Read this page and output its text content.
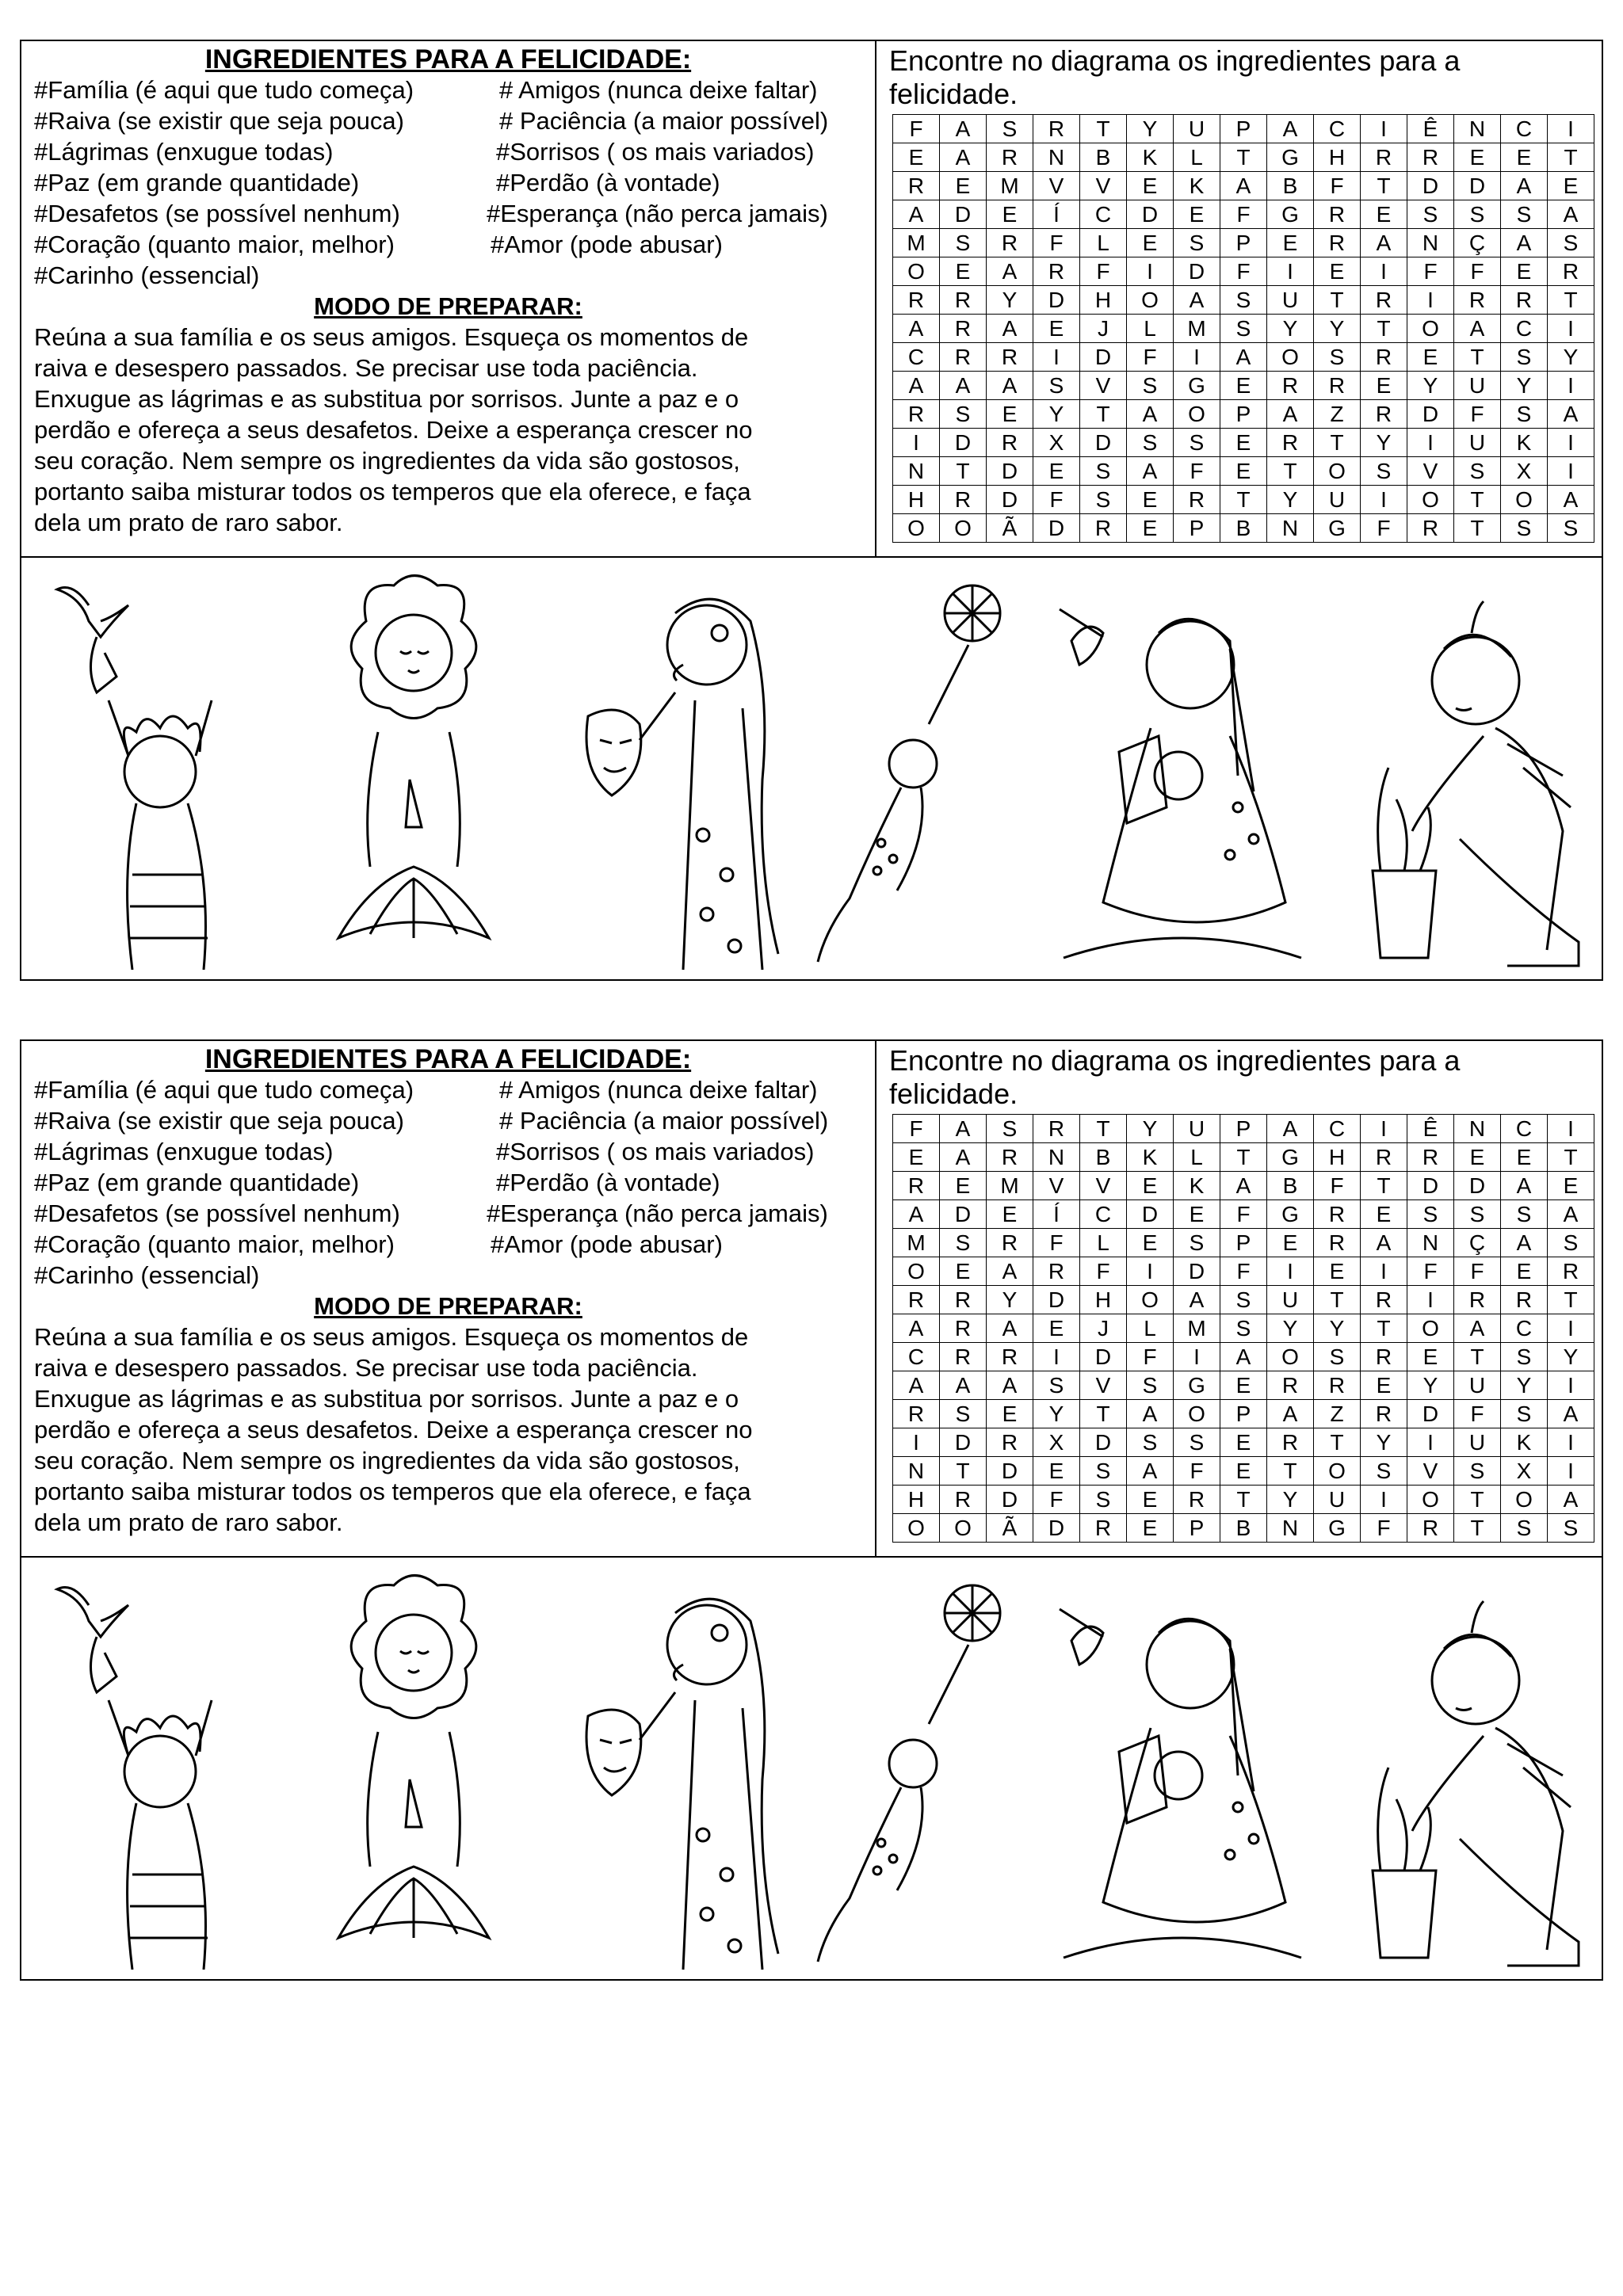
INGREDIENTES PARA A FELICIDADE:
#Família (é aqui que tudo começa)
#Raiva (se existir que seja pouca)
#Lágrimas (enxugue todas)
#Paz (em grande quantidade)
#Desafetos (se possível nenhum)
#Coração (quanto maior, melhor)
#Carinho (essencial)
# Amigos (nunca deixe faltar)
# Paciência (a maior possível)
#Sorrisos ( os mais variados)
#Perdão (à vontade)
#Esperança (não perca jamais)
#Amor (pode abusar)
MODO DE PREPARAR:
Reúna a sua família e os seus amigos. Esqueça os momentos de
raiva e desespero passados. Se precisar use toda paciência.
Enxugue as lágrimas e as substitua por sorrisos. Junte a paz e o
perdão e ofereça a seus desafetos. Deixe a esperança crescer no
seu coração. Nem sempre os ingredientes da vida são gostosos,
portanto saiba misturar todos os temperos que ela oferece, e faça
dela um prato de raro sabor.
Encontre no diagrama os ingredientes para a
felicidade.
F	A	S	R	T	Y	U	P	A	C	I	Ê	N	C	I
E	A	R	N	B	K	L	T	G	H	R	R	E	E	T
R	E	M	V	V	E	K	A	B	F	T	D	D	A	E
A	D	E	Í	C	D	E	F	G	R	E	S	S	S	A
M	S	R	F	L	E	S	P	E	R	A	N	Ç	A	S
O	E	A	R	F	I	D	F	I	E	I	F	F	E	R
R	R	Y	D	H	O	A	S	U	T	R	I	R	R	T
A	R	A	E	J	L	M	S	Y	Y	T	O	A	C	I
C	R	R	I	D	F	I	A	O	S	R	E	T	S	Y
A	A	A	S	V	S	G	E	R	R	E	Y	U	Y	I
R	S	E	Y	T	A	O	P	A	Z	R	D	F	S	A
I	D	R	X	D	S	S	E	R	T	Y	I	U	K	I
N	T	D	E	S	A	F	E	T	O	S	V	S	X	I
H	R	D	F	S	E	R	T	Y	U	I	O	T	O	A
O	O	Ã	D	R	E	P	B	N	G	F	R	T	S	S
INGREDIENTES PARA A FELICIDADE:
#Família (é aqui que tudo começa)
#Raiva (se existir que seja pouca)
#Lágrimas (enxugue todas)
#Paz (em grande quantidade)
#Desafetos (se possível nenhum)
#Coração (quanto maior, melhor)
#Carinho (essencial)
# Amigos (nunca deixe faltar)
# Paciência (a maior possível)
#Sorrisos ( os mais variados)
#Perdão (à vontade)
#Esperança (não perca jamais)
#Amor (pode abusar)
MODO DE PREPARAR:
Reúna a sua família e os seus amigos. Esqueça os momentos de
raiva e desespero passados. Se precisar use toda paciência.
Enxugue as lágrimas e as substitua por sorrisos. Junte a paz e o
perdão e ofereça a seus desafetos. Deixe a esperança crescer no
seu coração. Nem sempre os ingredientes da vida são gostosos,
portanto saiba misturar todos os temperos que ela oferece, e faça
dela um prato de raro sabor.
Encontre no diagrama os ingredientes para a
felicidade.
F	A	S	R	T	Y	U	P	A	C	I	Ê	N	C	I
E	A	R	N	B	K	L	T	G	H	R	R	E	E	T
R	E	M	V	V	E	K	A	B	F	T	D	D	A	E
A	D	E	Í	C	D	E	F	G	R	E	S	S	S	A
M	S	R	F	L	E	S	P	E	R	A	N	Ç	A	S
O	E	A	R	F	I	D	F	I	E	I	F	F	E	R
R	R	Y	D	H	O	A	S	U	T	R	I	R	R	T
A	R	A	E	J	L	M	S	Y	Y	T	O	A	C	I
C	R	R	I	D	F	I	A	O	S	R	E	T	S	Y
A	A	A	S	V	S	G	E	R	R	E	Y	U	Y	I
R	S	E	Y	T	A	O	P	A	Z	R	D	F	S	A
I	D	R	X	D	S	S	E	R	T	Y	I	U	K	I
N	T	D	E	S	A	F	E	T	O	S	V	S	X	I
H	R	D	F	S	E	R	T	Y	U	I	O	T	O	A
O	O	Ã	D	R	E	P	B	N	G	F	R	T	S	S
